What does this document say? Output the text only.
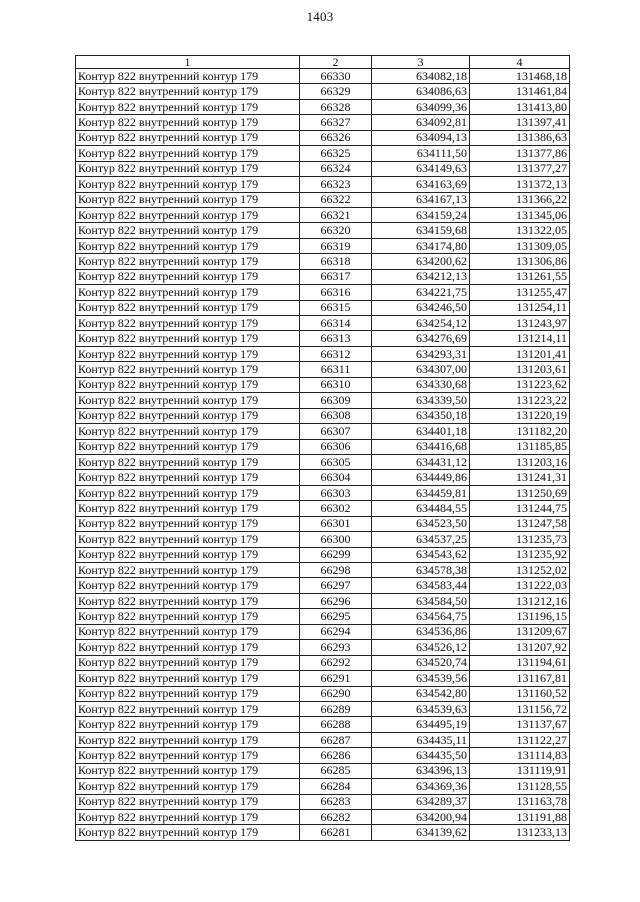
1403
1	2	3	4
Контур 822 внутренний контур 179	66330	634082,18	131468,18
Контур 822 внутренний контур 179	66329	634086,63	131461,84
Контур 822 внутренний контур 179	66328	634099,36	131413,80
Контур 822 внутренний контур 179	66327	634092,81	131397,41
Контур 822 внутренний контур 179	66326	634094,13	131386,63
Контур 822 внутренний контур 179	66325	634111,50	131377,86
Контур 822 внутренний контур 179	66324	634149,63	131377,27
Контур 822 внутренний контур 179	66323	634163,69	131372,13
Контур 822 внутренний контур 179	66322	634167,13	131366,22
Контур 822 внутренний контур 179	66321	634159,24	131345,06
Контур 822 внутренний контур 179	66320	634159,68	131322,05
Контур 822 внутренний контур 179	66319	634174,80	131309,05
Контур 822 внутренний контур 179	66318	634200,62	131306,86
Контур 822 внутренний контур 179	66317	634212,13	131261,55
Контур 822 внутренний контур 179	66316	634221,75	131255,47
Контур 822 внутренний контур 179	66315	634246,50	131254,11
Контур 822 внутренний контур 179	66314	634254,12	131243,97
Контур 822 внутренний контур 179	66313	634276,69	131214,11
Контур 822 внутренний контур 179	66312	634293,31	131201,41
Контур 822 внутренний контур 179	66311	634307,00	131203,61
Контур 822 внутренний контур 179	66310	634330,68	131223,62
Контур 822 внутренний контур 179	66309	634339,50	131223,22
Контур 822 внутренний контур 179	66308	634350,18	131220,19
Контур 822 внутренний контур 179	66307	634401,18	131182,20
Контур 822 внутренний контур 179	66306	634416,68	131185,85
Контур 822 внутренний контур 179	66305	634431,12	131203,16
Контур 822 внутренний контур 179	66304	634449,86	131241,31
Контур 822 внутренний контур 179	66303	634459,81	131250,69
Контур 822 внутренний контур 179	66302	634484,55	131244,75
Контур 822 внутренний контур 179	66301	634523,50	131247,58
Контур 822 внутренний контур 179	66300	634537,25	131235,73
Контур 822 внутренний контур 179	66299	634543,62	131235,92
Контур 822 внутренний контур 179	66298	634578,38	131252,02
Контур 822 внутренний контур 179	66297	634583,44	131222,03
Контур 822 внутренний контур 179	66296	634584,50	131212,16
Контур 822 внутренний контур 179	66295	634564,75	131196,15
Контур 822 внутренний контур 179	66294	634536,86	131209,67
Контур 822 внутренний контур 179	66293	634526,12	131207,92
Контур 822 внутренний контур 179	66292	634520,74	131194,61
Контур 822 внутренний контур 179	66291	634539,56	131167,81
Контур 822 внутренний контур 179	66290	634542,80	131160,52
Контур 822 внутренний контур 179	66289	634539,63	131156,72
Контур 822 внутренний контур 179	66288	634495,19	131137,67
Контур 822 внутренний контур 179	66287	634435,11	131122,27
Контур 822 внутренний контур 179	66286	634435,50	131114,83
Контур 822 внутренний контур 179	66285	634396,13	131119,91
Контур 822 внутренний контур 179	66284	634369,36	131128,55
Контур 822 внутренний контур 179	66283	634289,37	131163,78
Контур 822 внутренний контур 179	66282	634200,94	131191,88
Контур 822 внутренний контур 179	66281	634139,62	131233,13
